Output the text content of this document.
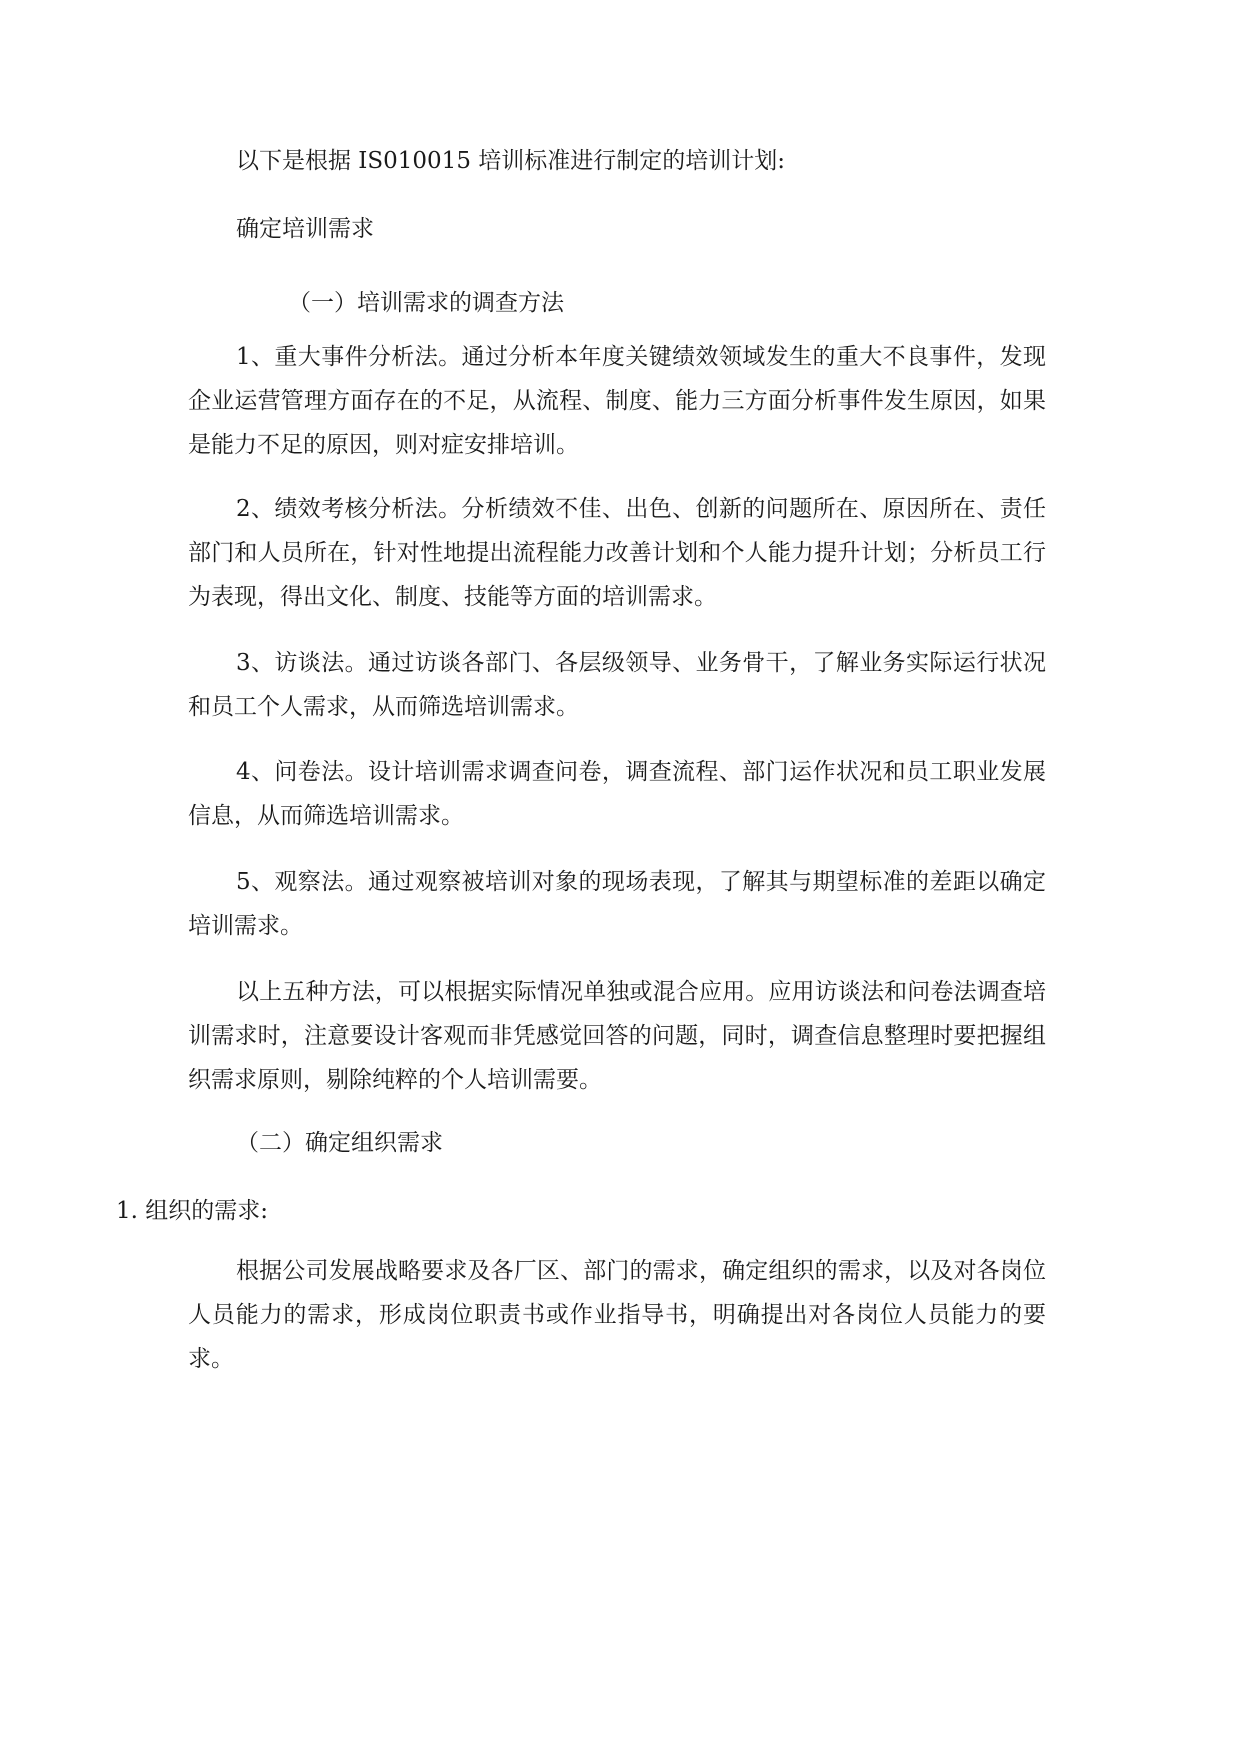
以下是根据 IS010015 培训标准进行制定的培训计划:
确定培训需求
（一）培训需求的调查方法
1、重大事件分析法。通过分析本年度关键绩效领域发生的重大不良事件，发现企业运营管理方面存在的不足，从流程、制度、能力三方面分析事件发生原因，如果是能力不足的原因，则对症安排培训。
2、绩效考核分析法。分析绩效不佳、出色、创新的问题所在、原因所在、责任部门和人员所在，针对性地提出流程能力改善计划和个人能力提升计划；分析员工行为表现，得出文化、制度、技能等方面的培训需求。
3、访谈法。通过访谈各部门、各层级领导、业务骨干，了解业务实际运行状况和员工个人需求，从而筛选培训需求。
4、问卷法。设计培训需求调查问卷，调查流程、部门运作状况和员工职业发展信息，从而筛选培训需求。
5、观察法。通过观察被培训对象的现场表现，了解其与期望标准的差距以确定培训需求。
以上五种方法，可以根据实际情况单独或混合应用。应用访谈法和问卷法调查培训需求时，注意要设计客观而非凭感觉回答的问题，同时，调查信息整理时要把握组织需求原则，剔除纯粹的个人培训需要。
（二）确定组织需求
1. 组织的需求:
根据公司发展战略要求及各厂区、部门的需求，确定组织的需求，以及对各岗位人员能力的需求，形成岗位职责书或作业指导书，明确提出对各岗位人员能力的要求。
